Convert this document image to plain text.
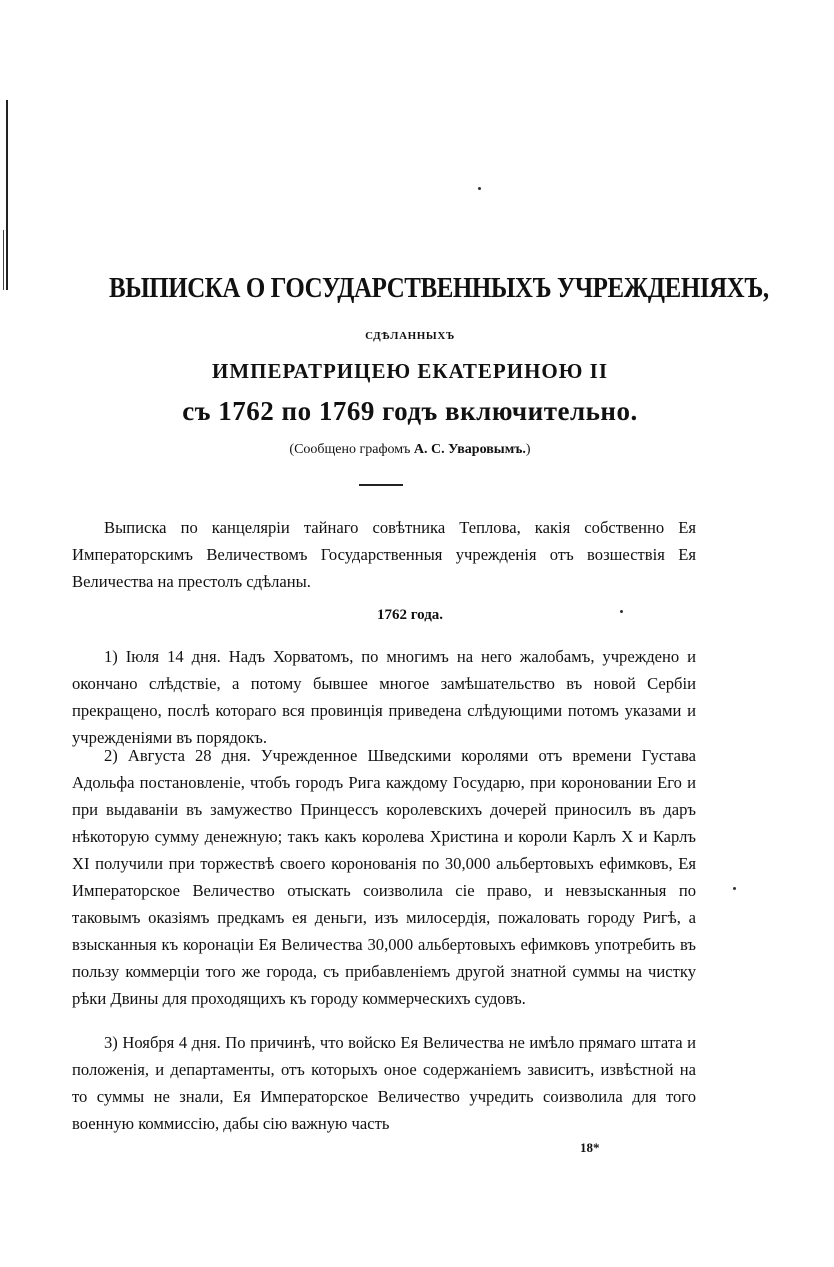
ВЫПИСКА О ГОСУДАРСТВЕННЫХЪ УЧРЕЖДЕНІЯХЪ,
СДѢЛАННЫХЪ
ИМПЕРАТРИЦЕЮ ЕКАТЕРИНОЮ II
съ 1762 по 1769 годъ включительно.
(Сообщено графомъ А. С. Уваровымъ.)
Выписка по канцеляріи тайнаго совѣтника Теплова, какія собственно Ея Императорскимъ Величествомъ Государственныя учрежденія отъ возшествія Ея Величества на престолъ сдѣланы.
1762 года.
1) Іюля 14 дня. Надъ Хорватомъ, по многимъ на него жалобамъ, учреждено и окончано слѣдствіе, а потому бывшее многое замѣшательство въ новой Сербіи прекращено, послѣ котораго вся провинція приведена слѣдующими потомъ указами и учрежденіями въ порядокъ.
2) Августа 28 дня. Учрежденное Шведскими королями отъ времени Густава Адольфа постановленіе, чтобъ городъ Рига каждому Государю, при короновании Его и при выдаваніи въ замужество Принцессъ королевскихъ дочерей приносилъ въ даръ нѣкоторую сумму денежную; такъ какъ королева Христина и короли Карлъ X и Карлъ XI получили при торжествѣ своего коронованія по 30,000 альбертовыхъ ефимковъ, Ея Императорское Величество отыскать соизволила сіе право, и невзысканныя по таковымъ оказіямъ предкамъ ея деньги, изъ милосердія, пожаловать городу Ригѣ, а взысканныя къ коронаціи Ея Величества 30,000 альбертовыхъ ефимковъ употребить въ пользу коммерціи того же города, съ прибавленіемъ другой знатной суммы на чистку рѣки Двины для проходящихъ къ городу коммерческихъ судовъ.
3) Ноября 4 дня. По причинѣ, что войско Ея Величества не имѣло прямаго штата и положенія, и департаменты, отъ которыхъ оное содержаніемъ зависитъ, извѣстной на то суммы не знали, Ея Императорское Величество учредить соизволила для того военную коммиссію, дабы сію важную часть
18*
